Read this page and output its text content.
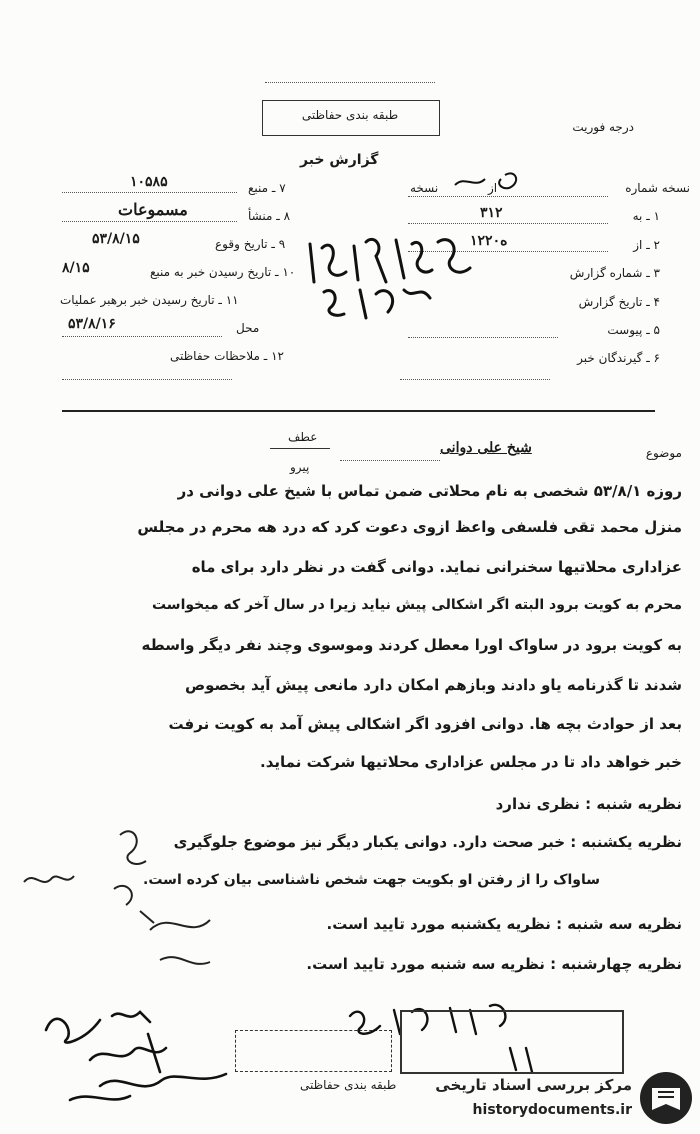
طبقه بندی حفاظتی
درجه فوریت
گزارش خبر
نسخه شماره
از
نسخه
۱ ـ به
۳۱۲
۲ ـ از
۱۲ه۲۰
۳ ـ شماره گزارش
۴ ـ تاریخ گزارش
۵ ـ پیوست
۶ ـ گیرندگان خبر
۷ ـ منبع
۱۰۵۸۵
۸ ـ منشأ
مسموعات
۹ ـ تاریخ وقوع
۵۳/۸/۱۵
۱۰ ـ تاریخ رسیدن خبر به منبع
۸/۱۵
۱۱ ـ تاریخ رسیدن خبر برهبر عملیات
محل
۵۳/۸/۱۶
۱۲ ـ ملاحظات حفاظتی
موضوع
شیخ علی دوانی
عطف
پیرو
روزه ۵۳/۸/۱ شخصی به نام محلاتی ضمن تماس با شیخ علی دوانی در
منزل محمد تقی فلسفی واعظ ازوی دعوت کرد که درد هه محرم در مجلس
عزاداری محلاتیها سخنرانی نماید. دوانی گفت در نظر دارد برای ماه
محرم به کویت برود البته اگر اشکالی پیش نیاید زیرا در سال آخر که میخواست
به کویت برود در ساواک اورا معطل کردند وموسوی وچند نفر دیگر واسطه
شدند تا گذرنامه یاو دادند وبازهم امکان دارد مانعی پیش آید بخصوص
بعد از حوادث بچه ها. دوانی افزود اگر اشکالی پیش آمد به کویت نرفت
خبر خواهد داد تا در مجلس عزاداری محلاتیها شرکت نماید.
نظریه شنبه : نظری ندارد
نظریه یکشنبه : خبر صحت دارد. دوانی یکبار دیگر نیز موضوع جلوگیری
ساواک را از رفتن او بکویت جهت شخص ناشناسی بیان کرده است.
نظریه سه شنبه : نظریه یکشنبه مورد تایید است.
نظریه چهارشنبه : نظریه سه شنبه مورد تایید است.
طبقه بندی حفاظتی	مرکز بررسی اسناد تاریخی
historydocuments.ir
